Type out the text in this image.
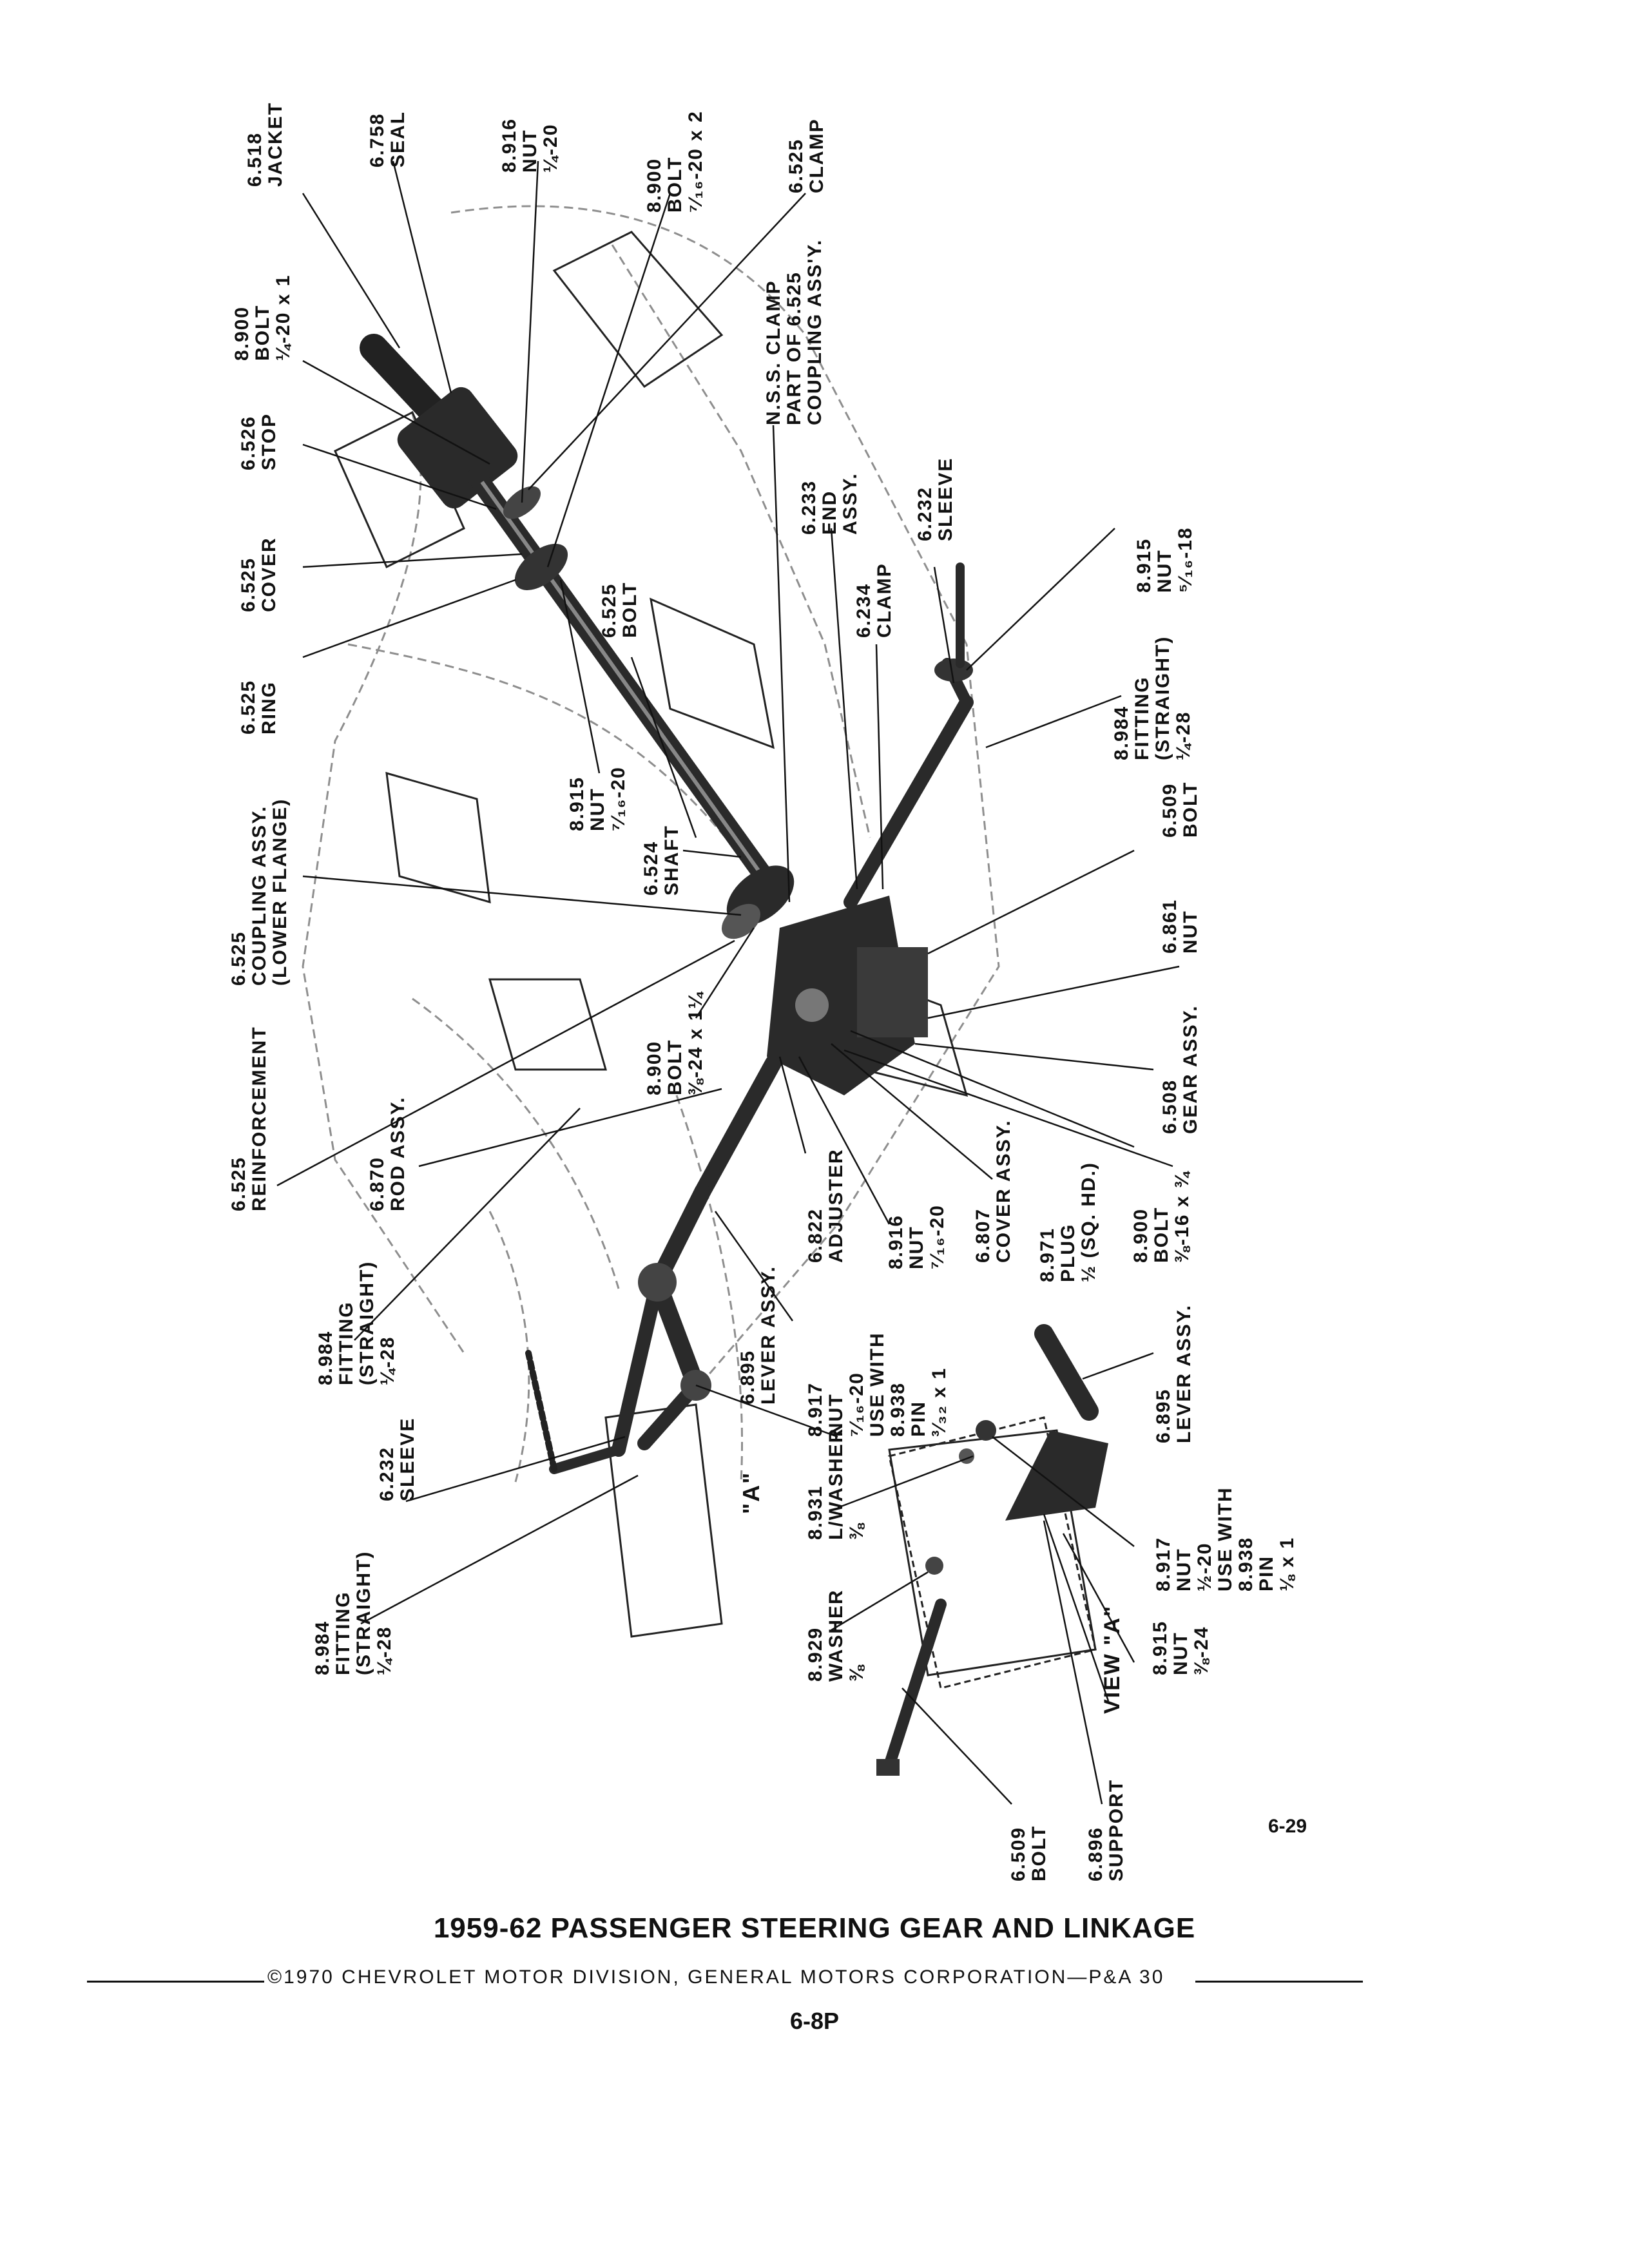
6.518 JACKET	6.758 SEAL	8.916 NUT ¼-20
8.900 BOLT ⁷⁄₁₆-20 x 2	6.525 CLAMP
8.900 BOLT ¼-20 x 1
6.526 STOP
N.S.S. CLAMP PART OF 6.525 COUPLING ASS'Y.
6.525 COVER
6.233 END ASSY.	6.232 SLEEVE
6.525 BOLT	6.234 CLAMP	8.915 NUT ⁵⁄₁₆-18
6.525 RING	8.984 FITTING (STRAIGHT) ¼-28
8.915 NUT ⁷⁄₁₆-20
6.525 COUPLING ASSY. (LOWER FLANGE)	6.524 SHAFT
6.509 BOLT
6.861 NUT
8.900 BOLT ⅜-24 x 1¼
6.525 REINFORCEMENT	6.508 GEAR ASSY.
6.870 ROD ASSY.
6.822 ADJUSTER 8.916 NUT ⁷⁄₁₆-20 6.807 COVER ASSY. 8.971 PLUG ½ (SQ. HD.) 8.900 BOLT ⅜-16 x ¾
8.984 FITTING (STRAIGHT) ¼-28	6.895 LEVER ASSY.
8.917 NUT ⁷⁄₁₆-20 USE WITH 8.938 PIN ³⁄₃₂ x 1	6.895 LEVER ASSY.
6.232 SLEEVE	"A" 8.931 L/WASHER ⅜
8.917 NUT ½-20 USE WITH 8.938 PIN ⅛ x 1
8.984 FITTING (STRAIGHT) ¼-28	8.929 WASHER ⅜	8.915 NUT ⅜-24
VIEW "A"
6.509 BOLT 6.896 SUPPORT	6-29
1959-62 PASSENGER STEERING GEAR AND LINKAGE
©1970 CHEVROLET MOTOR DIVISION, GENERAL MOTORS CORPORATION—P&A 30
6-8P
